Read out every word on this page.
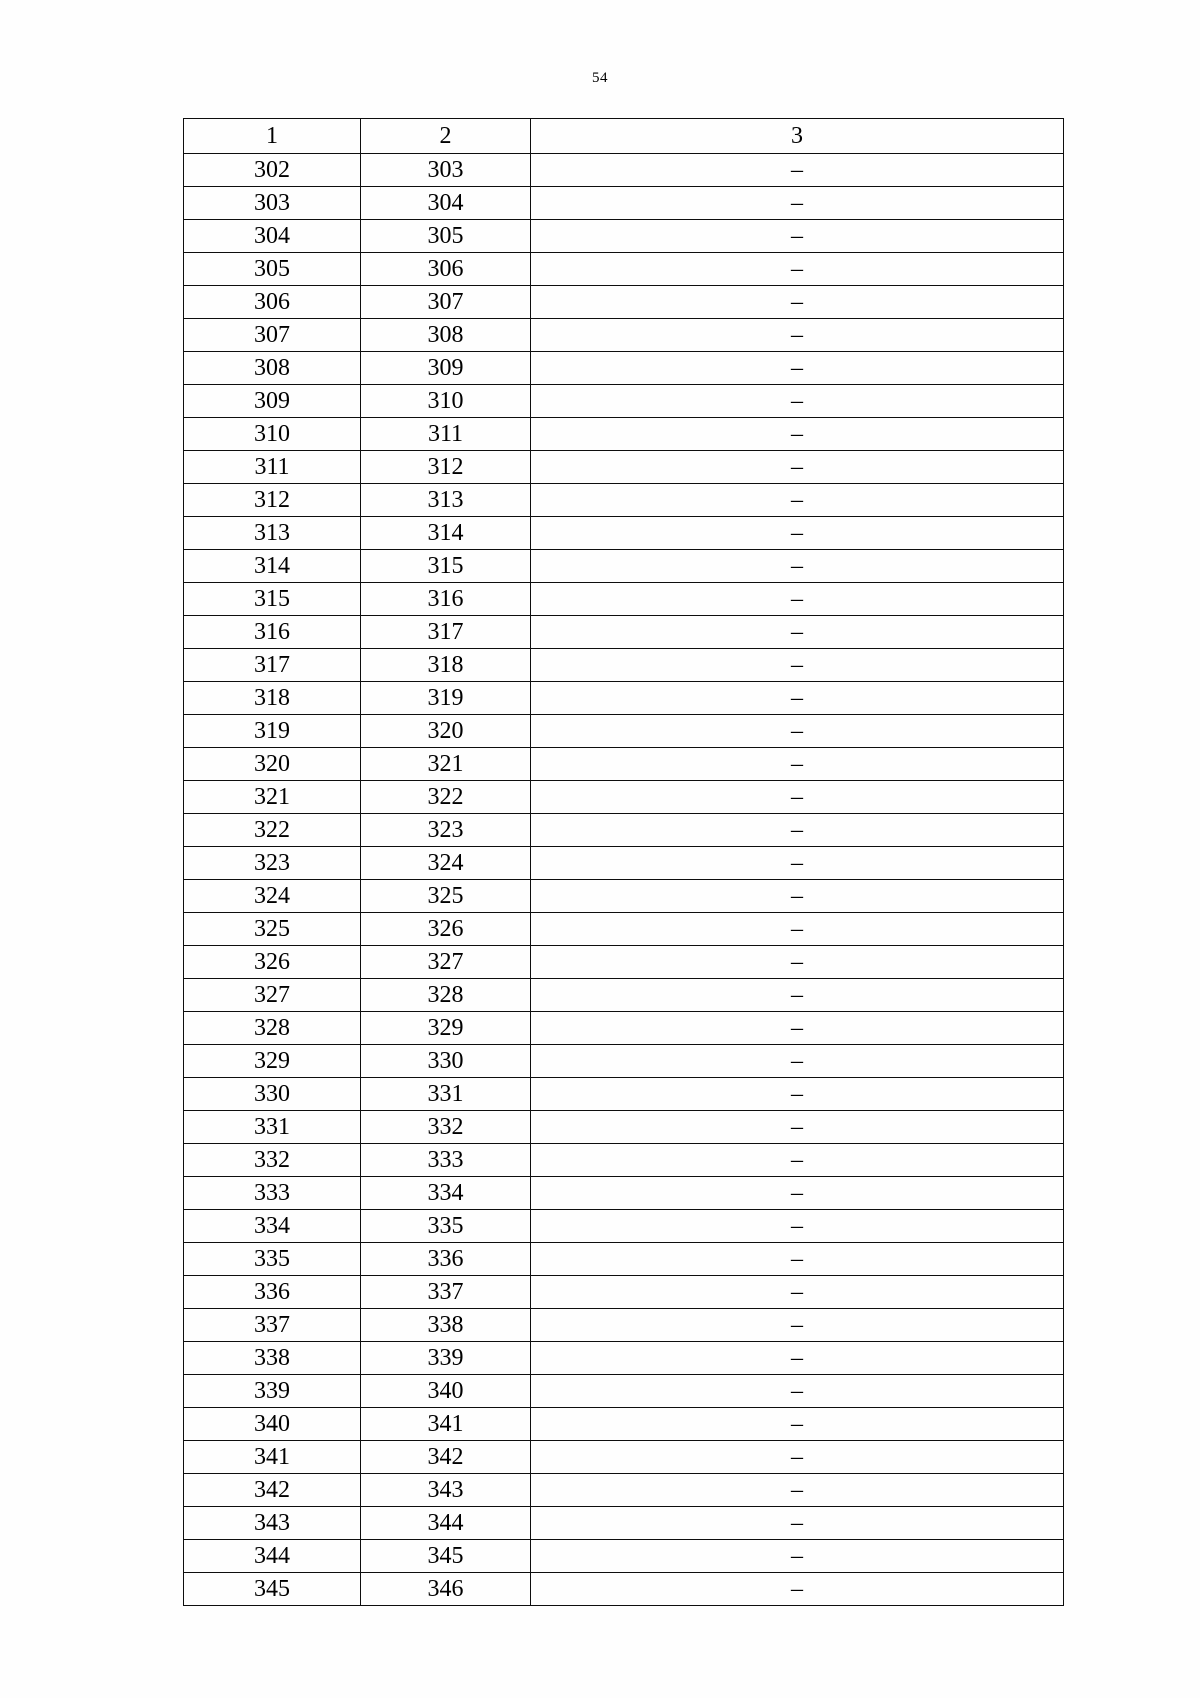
54
1	2	3
302	303	–
303	304	–
304	305	–
305	306	–
306	307	–
307	308	–
308	309	–
309	310	–
310	311	–
311	312	–
312	313	–
313	314	–
314	315	–
315	316	–
316	317	–
317	318	–
318	319	–
319	320	–
320	321	–
321	322	–
322	323	–
323	324	–
324	325	–
325	326	–
326	327	–
327	328	–
328	329	–
329	330	–
330	331	–
331	332	–
332	333	–
333	334	–
334	335	–
335	336	–
336	337	–
337	338	–
338	339	–
339	340	–
340	341	–
341	342	–
342	343	–
343	344	–
344	345	–
345	346	–
